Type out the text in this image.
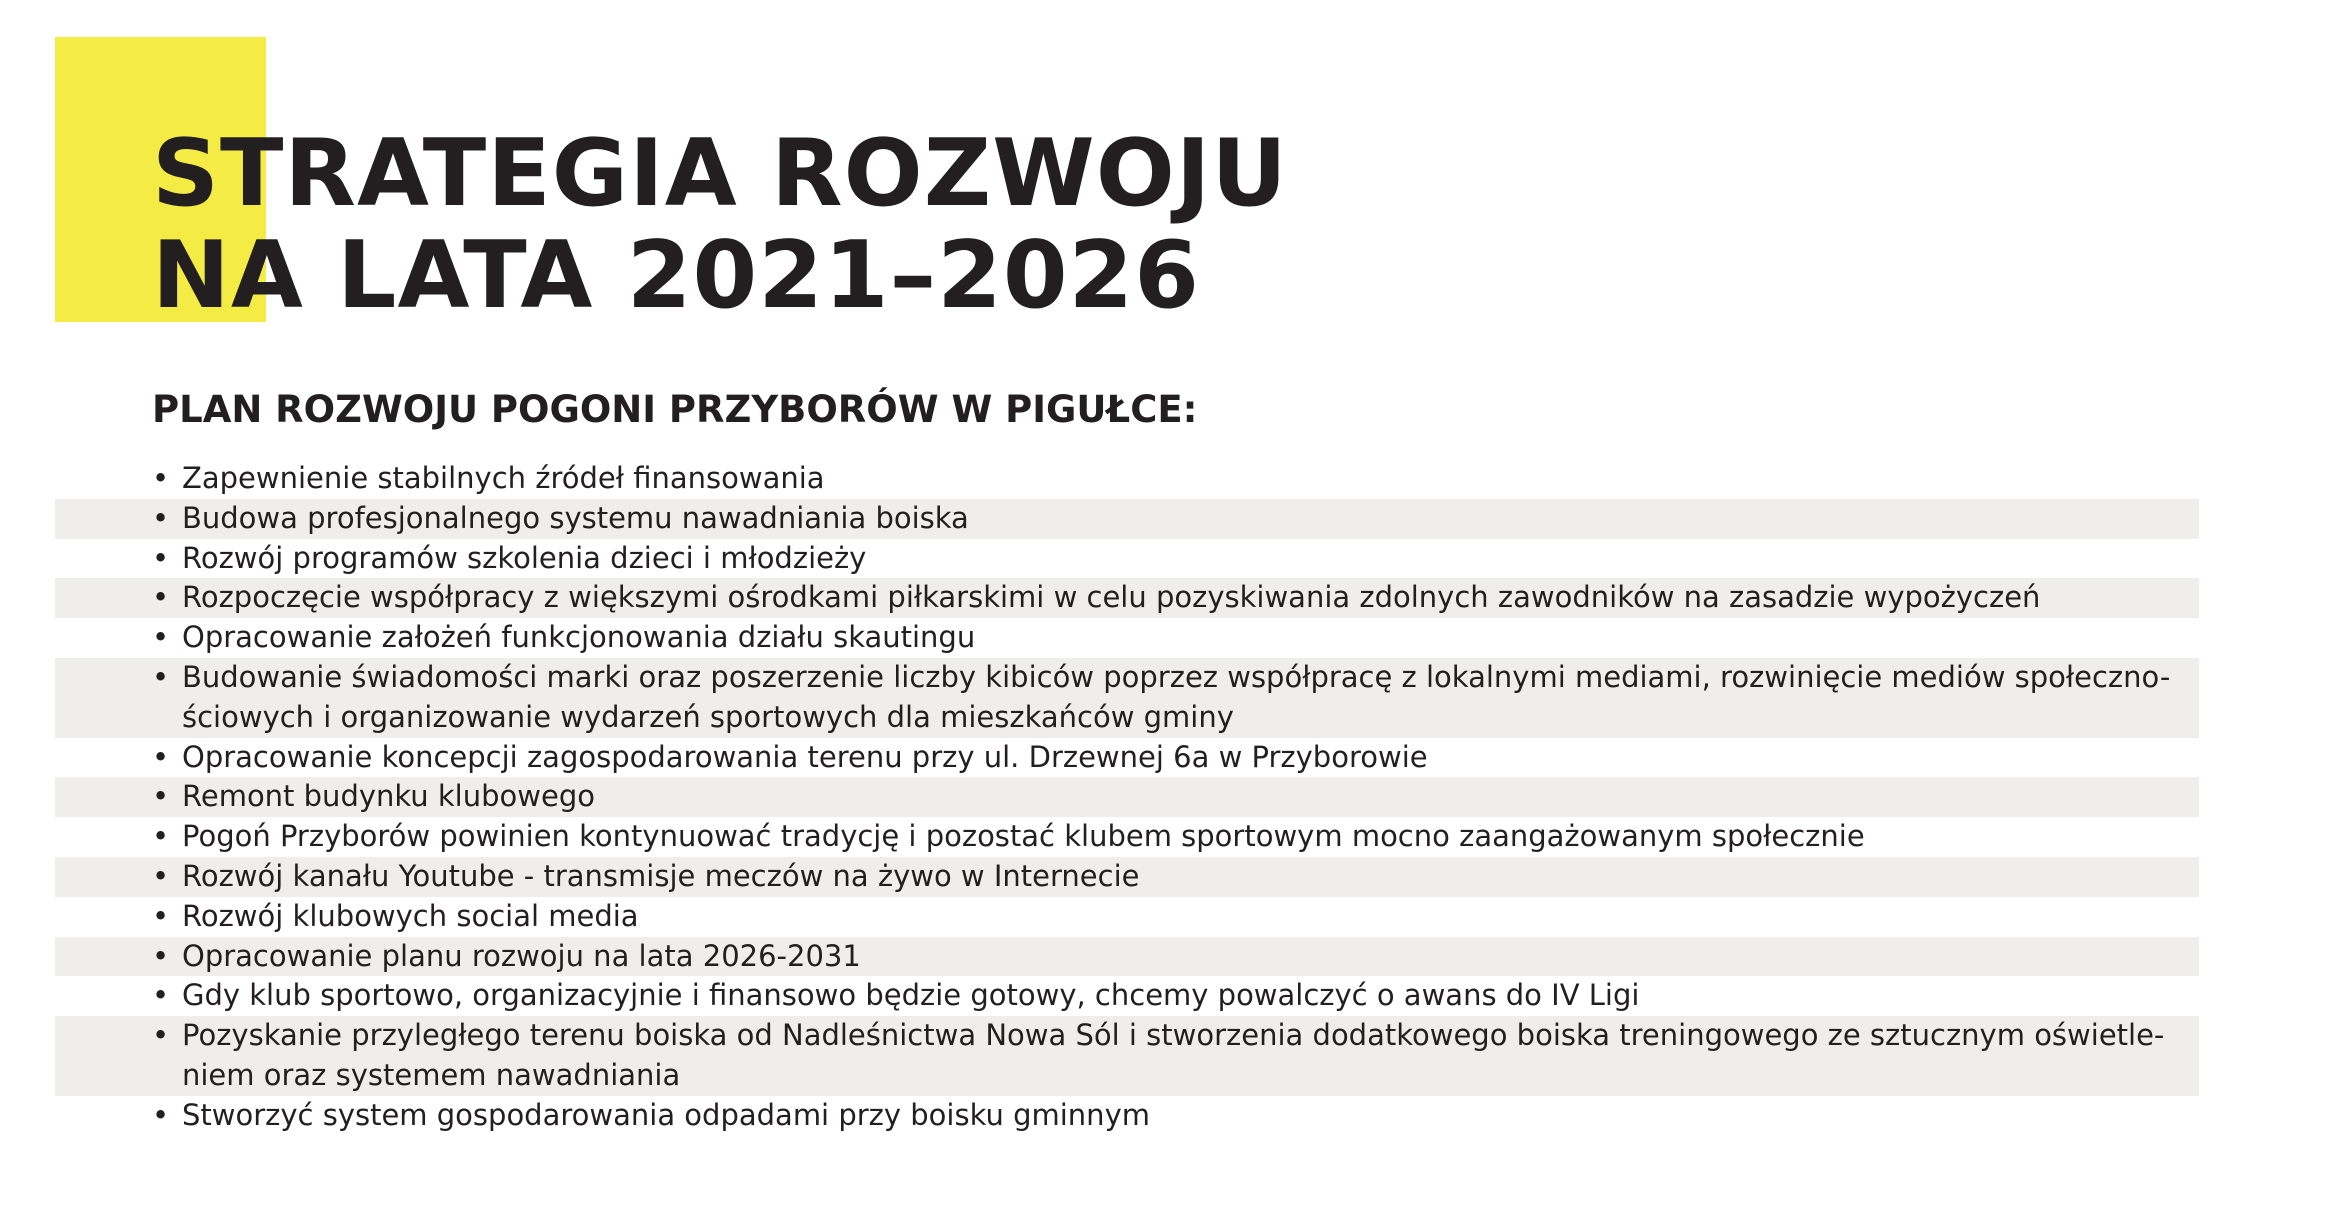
STRATEGIA ROZWOJU
NA LATA 2021–2026
PLAN ROZWOJU POGONI PRZYBORÓW W PIGUŁCE:
• Zapewnienie stabilnych źródeł finansowania
• Budowa profesjonalnego systemu nawadniania boiska
• Rozwój programów szkolenia dzieci i młodzieży
• Rozpoczęcie współpracy z większymi ośrodkami piłkarskimi w celu pozyskiwania zdolnych zawodników na zasadzie wypożyczeń
• Opracowanie założeń funkcjonowania działu skautingu
• Budowanie świadomości marki oraz poszerzenie liczby kibiców poprzez współpracę z lokalnymi mediami, rozwinięcie mediów społeczno-
ściowych i organizowanie wydarzeń sportowych dla mieszkańców gminy
• Opracowanie koncepcji zagospodarowania terenu przy ul. Drzewnej 6a w Przyborowie
• Remont budynku klubowego
• Pogoń Przyborów powinien kontynuować tradycję i pozostać klubem sportowym mocno zaangażowanym społecznie
• Rozwój kanału Youtube - transmisje meczów na żywo w Internecie
• Rozwój klubowych social media
• Opracowanie planu rozwoju na lata 2026-2031
• Gdy klub sportowo, organizacyjnie i finansowo będzie gotowy, chcemy powalczyć o awans do IV Ligi
• Pozyskanie przyległego terenu boiska od Nadleśnictwa Nowa Sól i stworzenia dodatkowego boiska treningowego ze sztucznym oświetle-
niem oraz systemem nawadniania
• Stworzyć system gospodarowania odpadami przy boisku gminnym
